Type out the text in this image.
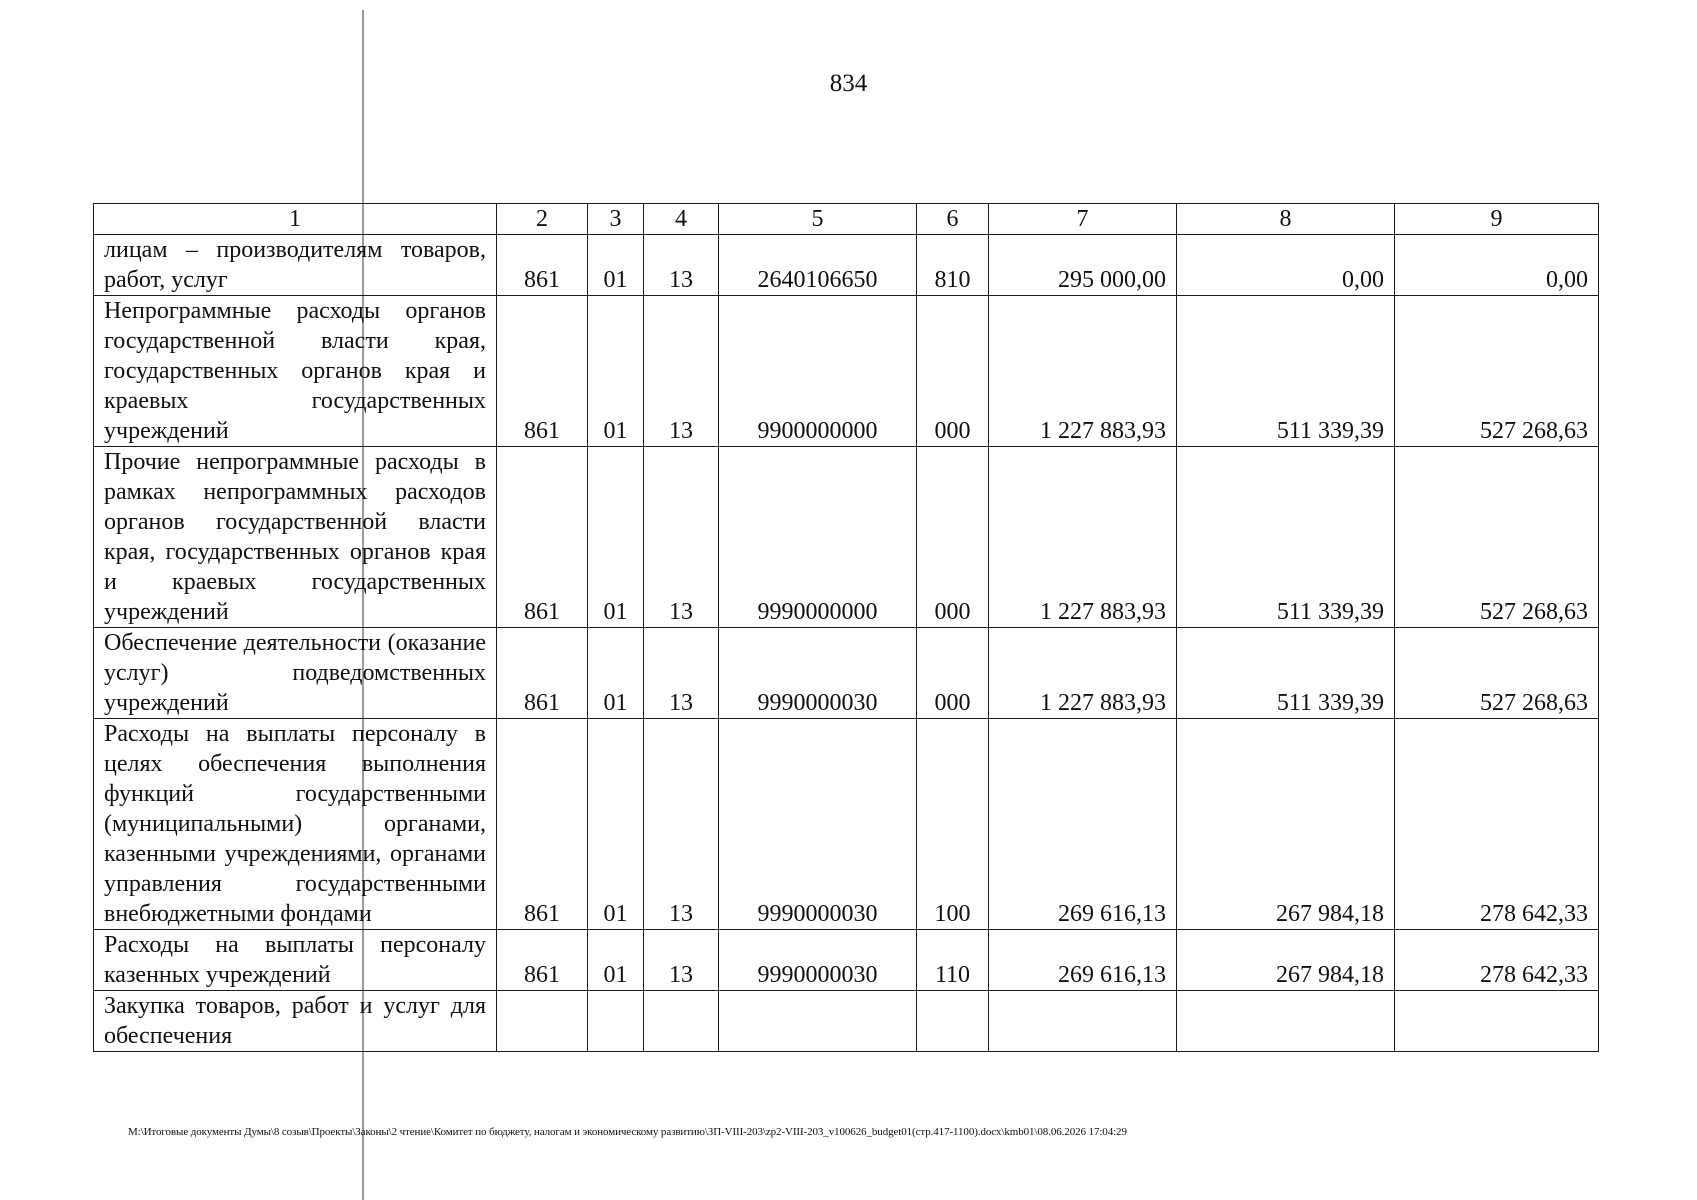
834
1	2	3	4	5	6	7	8	9
лицам – производителям товаров, работ, услуг	861	01	13	2640106650	810	295 000,00	0,00	0,00
Непрограммные расходы органов государственной власти края, государственных органов края и краевых государственных учреждений	861	01	13	9900000000	000	1 227 883,93	511 339,39	527 268,63
Прочие непрограммные расходы в рамках непрограммных расходов органов государственной власти края, государственных органов края и краевых государственных учреждений	861	01	13	9990000000	000	1 227 883,93	511 339,39	527 268,63
Обеспечение деятельности (оказание услуг) подведомственных учреждений	861	01	13	9990000030	000	1 227 883,93	511 339,39	527 268,63
Расходы на выплаты персоналу в целях обеспечения выполнения функций государственными (муниципальными) органами, казенными учреждениями, органами управления государственными внебюджетными фондами	861	01	13	9990000030	100	269 616,13	267 984,18	278 642,33
Расходы на выплаты персоналу казенных учреждений	861	01	13	9990000030	110	269 616,13	267 984,18	278 642,33
Закупка товаров, работ и услуг для обеспечения								
M:\Итоговые документы Думы\8 созыв\Проекты\Законы\2 чтение\Комитет по бюджету, налогам и экономическому развитию\ЗП-VIII-203\zp2-VIII-203_v100626_budget01(стр.417-1100).docx\kmb01\08.06.2026 17:04:29
